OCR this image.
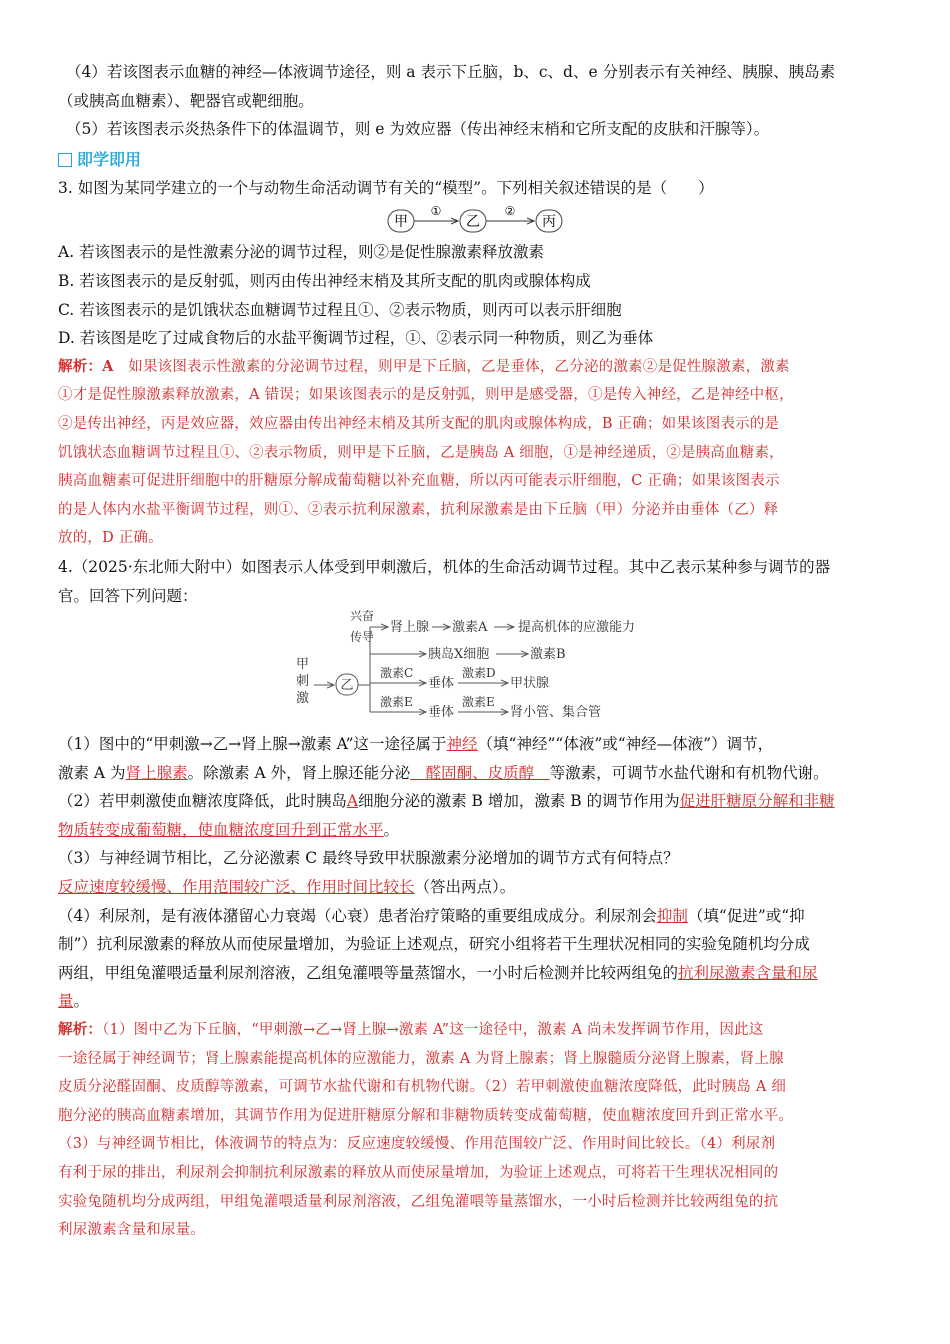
（4）若该图表示血糖的神经—体液调节途径，则 a 表示下丘脑，b、c、d、e 分别表示有关神经、胰腺、胰岛素

（或胰高血糖素）、靶器官或靶细胞。

（5）若该图表示炎热条件下的体温调节，则 e 为效应器（传出神经末梢和它所支配的皮肤和汗腺等）。

即学即用

3. 如图为某同学建立的一个与动物生命活动调节有关的“模型”。下列相关叙述错误的是（　　）

甲
①
乙
②
丙

A. 若该图表示的是性激素分泌的调节过程，则②是促性腺激素释放激素

B. 若该图表示的是反射弧，则丙由传出神经末梢及其所支配的肌肉或腺体构成

C. 若该图表示的是饥饿状态血糖调节过程且①、②表示物质，则丙可以表示肝细胞

D. 若该图是吃了过咸食物后的水盐平衡调节过程，①、②表示同一种物质，则乙为垂体

解析：A　如果该图表示性激素的分泌调节过程，则甲是下丘脑，乙是垂体，乙分泌的激素②是促性腺激素，激素

①才是促性腺激素释放激素，A 错误；如果该图表示的是反射弧，则甲是感受器，①是传入神经，乙是神经中枢，

②是传出神经，丙是效应器，效应器由传出神经末梢及其所支配的肌肉或腺体构成，B 正确；如果该图表示的是

饥饿状态血糖调节过程且①、②表示物质，则甲是下丘脑，乙是胰岛 A 细胞，①是神经递质，②是胰高血糖素，

胰高血糖素可促进肝细胞中的肝糖原分解成葡萄糖以补充血糖，所以丙可能表示肝细胞，C 正确；如果该图表示

的是人体内水盐平衡调节过程，则①、②表示抗利尿激素，抗利尿激素是由下丘脑（甲）分泌并由垂体（乙）释

放的，D 正确。

4.（2025·东北师大附中）如图表示人体受到甲刺激后，机体的生命活动调节过程。其中乙表示某种参与调节的器

官。回答下列问题：

甲
刺
激
乙
兴奋
传导
肾上腺 激素A 提高机体的应激能力
胰岛X细胞	激素B
激素C
垂体
激素D
甲状腺
激素E
垂体
激素E
肾小管、集合管

（1）图中的“甲刺激→乙→肾上腺→激素 A”这一途径属于神经（填“神经”“体液”或“神经—体液”）调节，

激素 A 为肾上腺素。除激素 A 外，肾上腺还能分泌　醛固酮、皮质醇　等激素，可调节水盐代谢和有机物代谢。

（2）若甲刺激使血糖浓度降低，此时胰岛A细胞分泌的激素 B 增加，激素 B 的调节作用为促进肝糖原分解和非糖

物质转变成葡萄糖，使血糖浓度回升到正常水平。

（3）与神经调节相比，乙分泌激素 C 最终导致甲状腺激素分泌增加的调节方式有何特点？

反应速度较缓慢、作用范围较广泛、作用时间比较长（答出两点）。

（4）利尿剂，是有液体潴留心力衰竭（心衰）患者治疗策略的重要组成成分。利尿剂会抑制（填“促进”或“抑

制”）抗利尿激素的释放从而使尿量增加，为验证上述观点，研究小组将若干生理状况相同的实验兔随机均分成

两组，甲组兔灌喂适量利尿剂溶液，乙组兔灌喂等量蒸馏水，一小时后检测并比较两组兔的抗利尿激素含量和尿

量。

解析：（1）图中乙为下丘脑，“甲刺激→乙→肾上腺→激素 A”这一途径中，激素 A 尚未发挥调节作用，因此这

一途径属于神经调节；肾上腺素能提高机体的应激能力，激素 A 为肾上腺素；肾上腺髓质分泌肾上腺素，肾上腺

皮质分泌醛固酮、皮质醇等激素，可调节水盐代谢和有机物代谢。（2）若甲刺激使血糖浓度降低，此时胰岛 A 细

胞分泌的胰高血糖素增加，其调节作用为促进肝糖原分解和非糖物质转变成葡萄糖，使血糖浓度回升到正常水平。

（3）与神经调节相比，体液调节的特点为：反应速度较缓慢、作用范围较广泛、作用时间比较长。（4）利尿剂

有利于尿的排出，利尿剂会抑制抗利尿激素的释放从而使尿量增加，为验证上述观点，可将若干生理状况相同的

实验兔随机均分成两组，甲组兔灌喂适量利尿剂溶液，乙组兔灌喂等量蒸馏水，一小时后检测并比较两组兔的抗

利尿激素含量和尿量。
